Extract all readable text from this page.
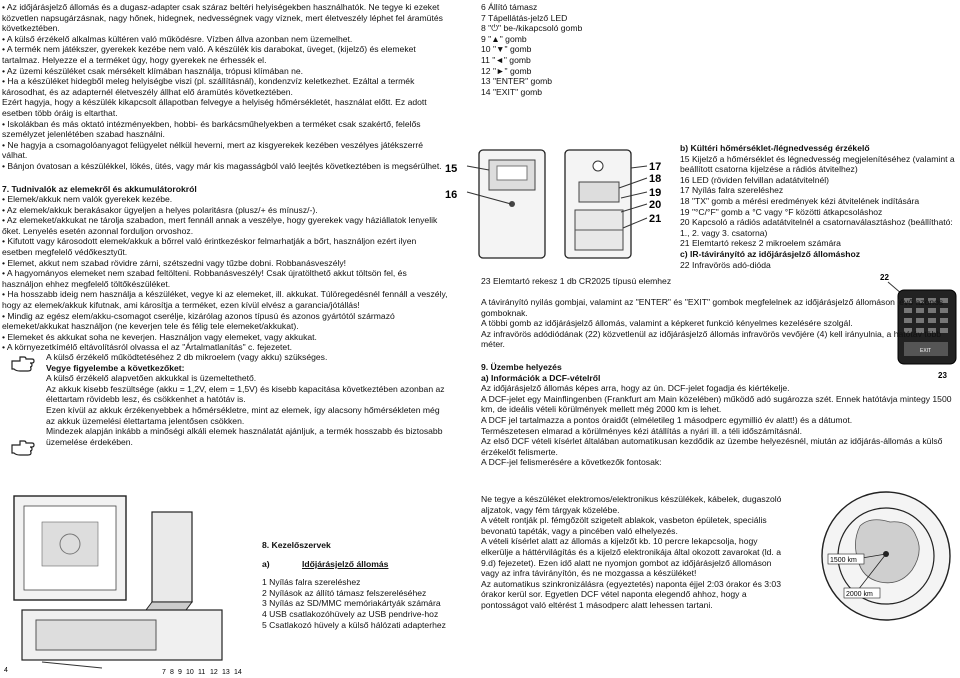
• Az időjárásjelző állomás és a dugasz-adapter csak száraz beltéri helyiségekben használhatók. Ne tegye ki ezeket közvetlen napsugárzásnak, nagy hőnek, hidegnek, nedvességnek vagy víznek, mert életveszély léphet fel áramütés következtében.
• A külső érzékelő alkalmas kültéren való működésre. Vízben állva azonban nem üzemelhet.
• A termék nem játékszer, gyerekek kezébe nem való. A készülék kis darabokat, üveget, (kijelző) és elemeket tartalmaz. Helyezze el a terméket úgy, hogy gyerekek ne érhessék el.
• Az üzemi készüléket csak mérsékelt klímában használja, trópusi klímában ne.
• Ha a készüléket hidegből meleg helyiségbe viszi (pl. szállításnál), kondenzvíz keletkezhet. Ezáltal a termék károsodhat, és az adapternél életveszély állhat elő áramütés következtében.
Ezért hagyja, hogy a készülék kikapcsolt állapotban felvegye a helyiség hőmérsékletét, használat előtt. Ez adott esetben több óráig is eltarthat.
• Iskolákban és más oktató intézményekben, hobbi- és barkácsműhelyekben a terméket csak szakértő, felelős személyzet jelenlétében szabad használni.
• Ne hagyja a csomagolóanyagot felügyelet nélkül heverni, mert az kisgyerekek kezében veszélyes játékszerré válhat.
• Bánjon óvatosan a készülékkel, lökés, ütés, vagy már kis magasságból való leejtés következtében is megsérülhet.
7. Tudnivalók az elemekről és akkumulátorokról
• Elemek/akkuk nem valók gyerekek kezébe.
• Az elemek/akkuk berakásakor ügyeljen a helyes polaritásra (plusz/+ és mínusz/-).
• Az elemeket/akkukat ne tárolja szabadon, mert fennáll annak a veszélye, hogy gyerekek vagy háziállatok lenyelik őket. Lenyelés esetén azonnal forduljon orvoshoz.
• Kifutott vagy károsodott elemek/akkuk a bőrrel való érintkezéskor felmarhatják a bőrt, használjon ezért ilyen esetben megfelelő védőkesztyűt.
• Elemet, akkut nem szabad rövidre zárni, szétszedni vagy tűzbe dobni. Robbanásveszély!
• A hagyományos elemeket nem szabad feltölteni. Robbanásveszély! Csak újratölthető akkut töltsön fel, és használjon ehhez megfelelő töltőkészüléket.
• Ha hosszabb ideig nem használja a készüléket, vegye ki az elemeket, ill. akkukat. Túlöregedésnél fennáll a veszély, hogy az elemek/akkuk kifutnak, ami károsítja a terméket, ezen kívül elvész a garancia/jótállás!
• Mindig az egész elem/akku-csomagot cserélje, kizárólag azonos típusú és azonos gyártótól származó elemeket/akkukat használjon (ne keverjen tele és félig tele elemeket/akkukat).
• Elemeket és akkukat soha ne keverjen. Használjon vagy elemeket, vagy akkukat.
• A környezetkímélő eltávolításról olvassa el az "Ártalmatlanítás" c. fejezetet.
A külső érzékelő működtetéséhez 2 db mikroelem (vagy akku) szükséges.
Vegye figyelembe a következőket:
A külső érzékelő alapvetően akkukkal is üzemeltethető.
Az akkuk kisebb feszültsége (akku = 1,2V, elem = 1,5V) és kisebb kapacitása következtében azonban az élettartam rövidebb lesz, és csökkenhet a hatótáv is.
Ezen kívül az akkuk érzékenyebbek a hőmérsékletre, mint az elemek, így alacsony hőmérsékleten még az akkuk üzemelési élettartama jelentősen csökken.
Mindezek alapján inkább a minőségi alkáli elemek használatát ajánljuk, a termék hosszabb és biztosabb üzemelése érdekében.
4	7 8 9 10 11 12 13 14
8. Kezelőszervek
a)	Időjárásjelző állomás
1 Nyílás falra szereléshez
2 Nyílások az állító támasz felszereléséhez
3 Nyílás az SD/MMC memóriakártyák számára
4 USB csatlakozóhüvely az USB pendrive-hoz
5 Csatlakozó hüvely a külső hálózati adapterhez
6 Állító támasz
7 Tápellátás-jelző LED
8 "⏻" be-/kikapcsoló gomb
9 "▲" gomb
10 "▼" gomb
11 "◄" gomb
12 "►" gomb
13 "ENTER" gomb
14 "EXIT" gomb
15
16
17
18
19
20
21
23 Elemtartó rekesz 1 db CR2025 típusú elemhez
b) Kültéri hőmérséklet-/légnedvesség érzékelő
15 Kijelző a hőmérséklet és légnedvesség megjelenítéséhez (valamint a beállított csatorna kijelzése a rádiós átvitelhez)
16 LED (röviden felvillan adatátvitelnél)
17 Nyílás falra szereléshez
18 "TX" gomb a mérési eredmények kézi átvitelének indítására
19 "°C/°F" gomb a °C vagy °F közötti átkapcsoláshoz
20 Kapcsoló a rádiós adatátvitelnél a csatornaválasztáshoz (beállítható: 1., 2. vagy 3. csatorna)
21 Elemtartó rekesz 2 mikroelem számára
c) IR-távirányító az időjárásjelző állomáshoz
22 Infravörös adó-dióda
22
EXIT
23
A távirányító nyilás gombjai, valamint az "ENTER" és "EXIT" gombok megfelelnek az időjárásjelző állomáson lévő azonos gomboknak.
A többi gomb az időjárásjelző állomás, valamint a képkeret funkció kényelmes kezelésére szolgál.
Az infravörös adódiódának (22) közvetlenül az időjárásjelző állomás infravörös vevőjére (4) kell irányulnia, a hatótáv több méter.
9. Üzembe helyezés
a) Információk a DCF-vételről
Az időjárásjelző állomás képes arra, hogy az ún. DCF-jelet fogadja és kiértékelje.
A DCF-jelet egy Mainflingenben (Frankfurt am Main közelében) működő adó sugározza szét. Ennek hatótávja mintegy 1500 km, de ideális vételi körülmények mellett még 2000 km is lehet.
A DCF jel tartalmazza a pontos óraidőt (elméletileg 1 másodperc egymillió év alatt!) és a dátumot.
Természetesen elmarad a körülményes kézi átállítás a nyári ill. a téli időszámításnál.
Az első DCF vételi kísérlet általában automatikusan kezdődik az üzembe helyezésnél, miután az időjárás-állomás a külső érzékelőt felismerte.
A DCF-jel felismerésére a következők fontosak:
Ne tegye a készüléket elektromos/elektronikus készülékek, kábelek, dugaszoló aljzatok, vagy fém tárgyak közelébe.
A vételt rontják pl. fémgőzölt szigetelt ablakok, vasbeton épületek, speciális bevonatú tapéták, vagy a pincében való elhelyezés.
A vételi kísérlet alatt az állomás a kijelzőt kb. 10 percre lekapcsolja, hogy elkerülje a háttérvilágítás és a kijelző elektronikája által okozott zavarokat (ld. a 9.d) fejezetet). Ezen idő alatt ne nyomjon gombot az időjárásjelző állomáson vagy az infra távirányítón, és ne mozgassa a készüléket!
Az automatikus szinkronizálásra (egyeztetés) naponta éjjel 2:03 órakor és 3:03 órakor kerül sor. Egyetlen DCF vétel naponta elegendő ahhoz, hogy a pontosságot való eltérést 1 másodperc alatt lehessen tartani.
1500 km
2000 km
